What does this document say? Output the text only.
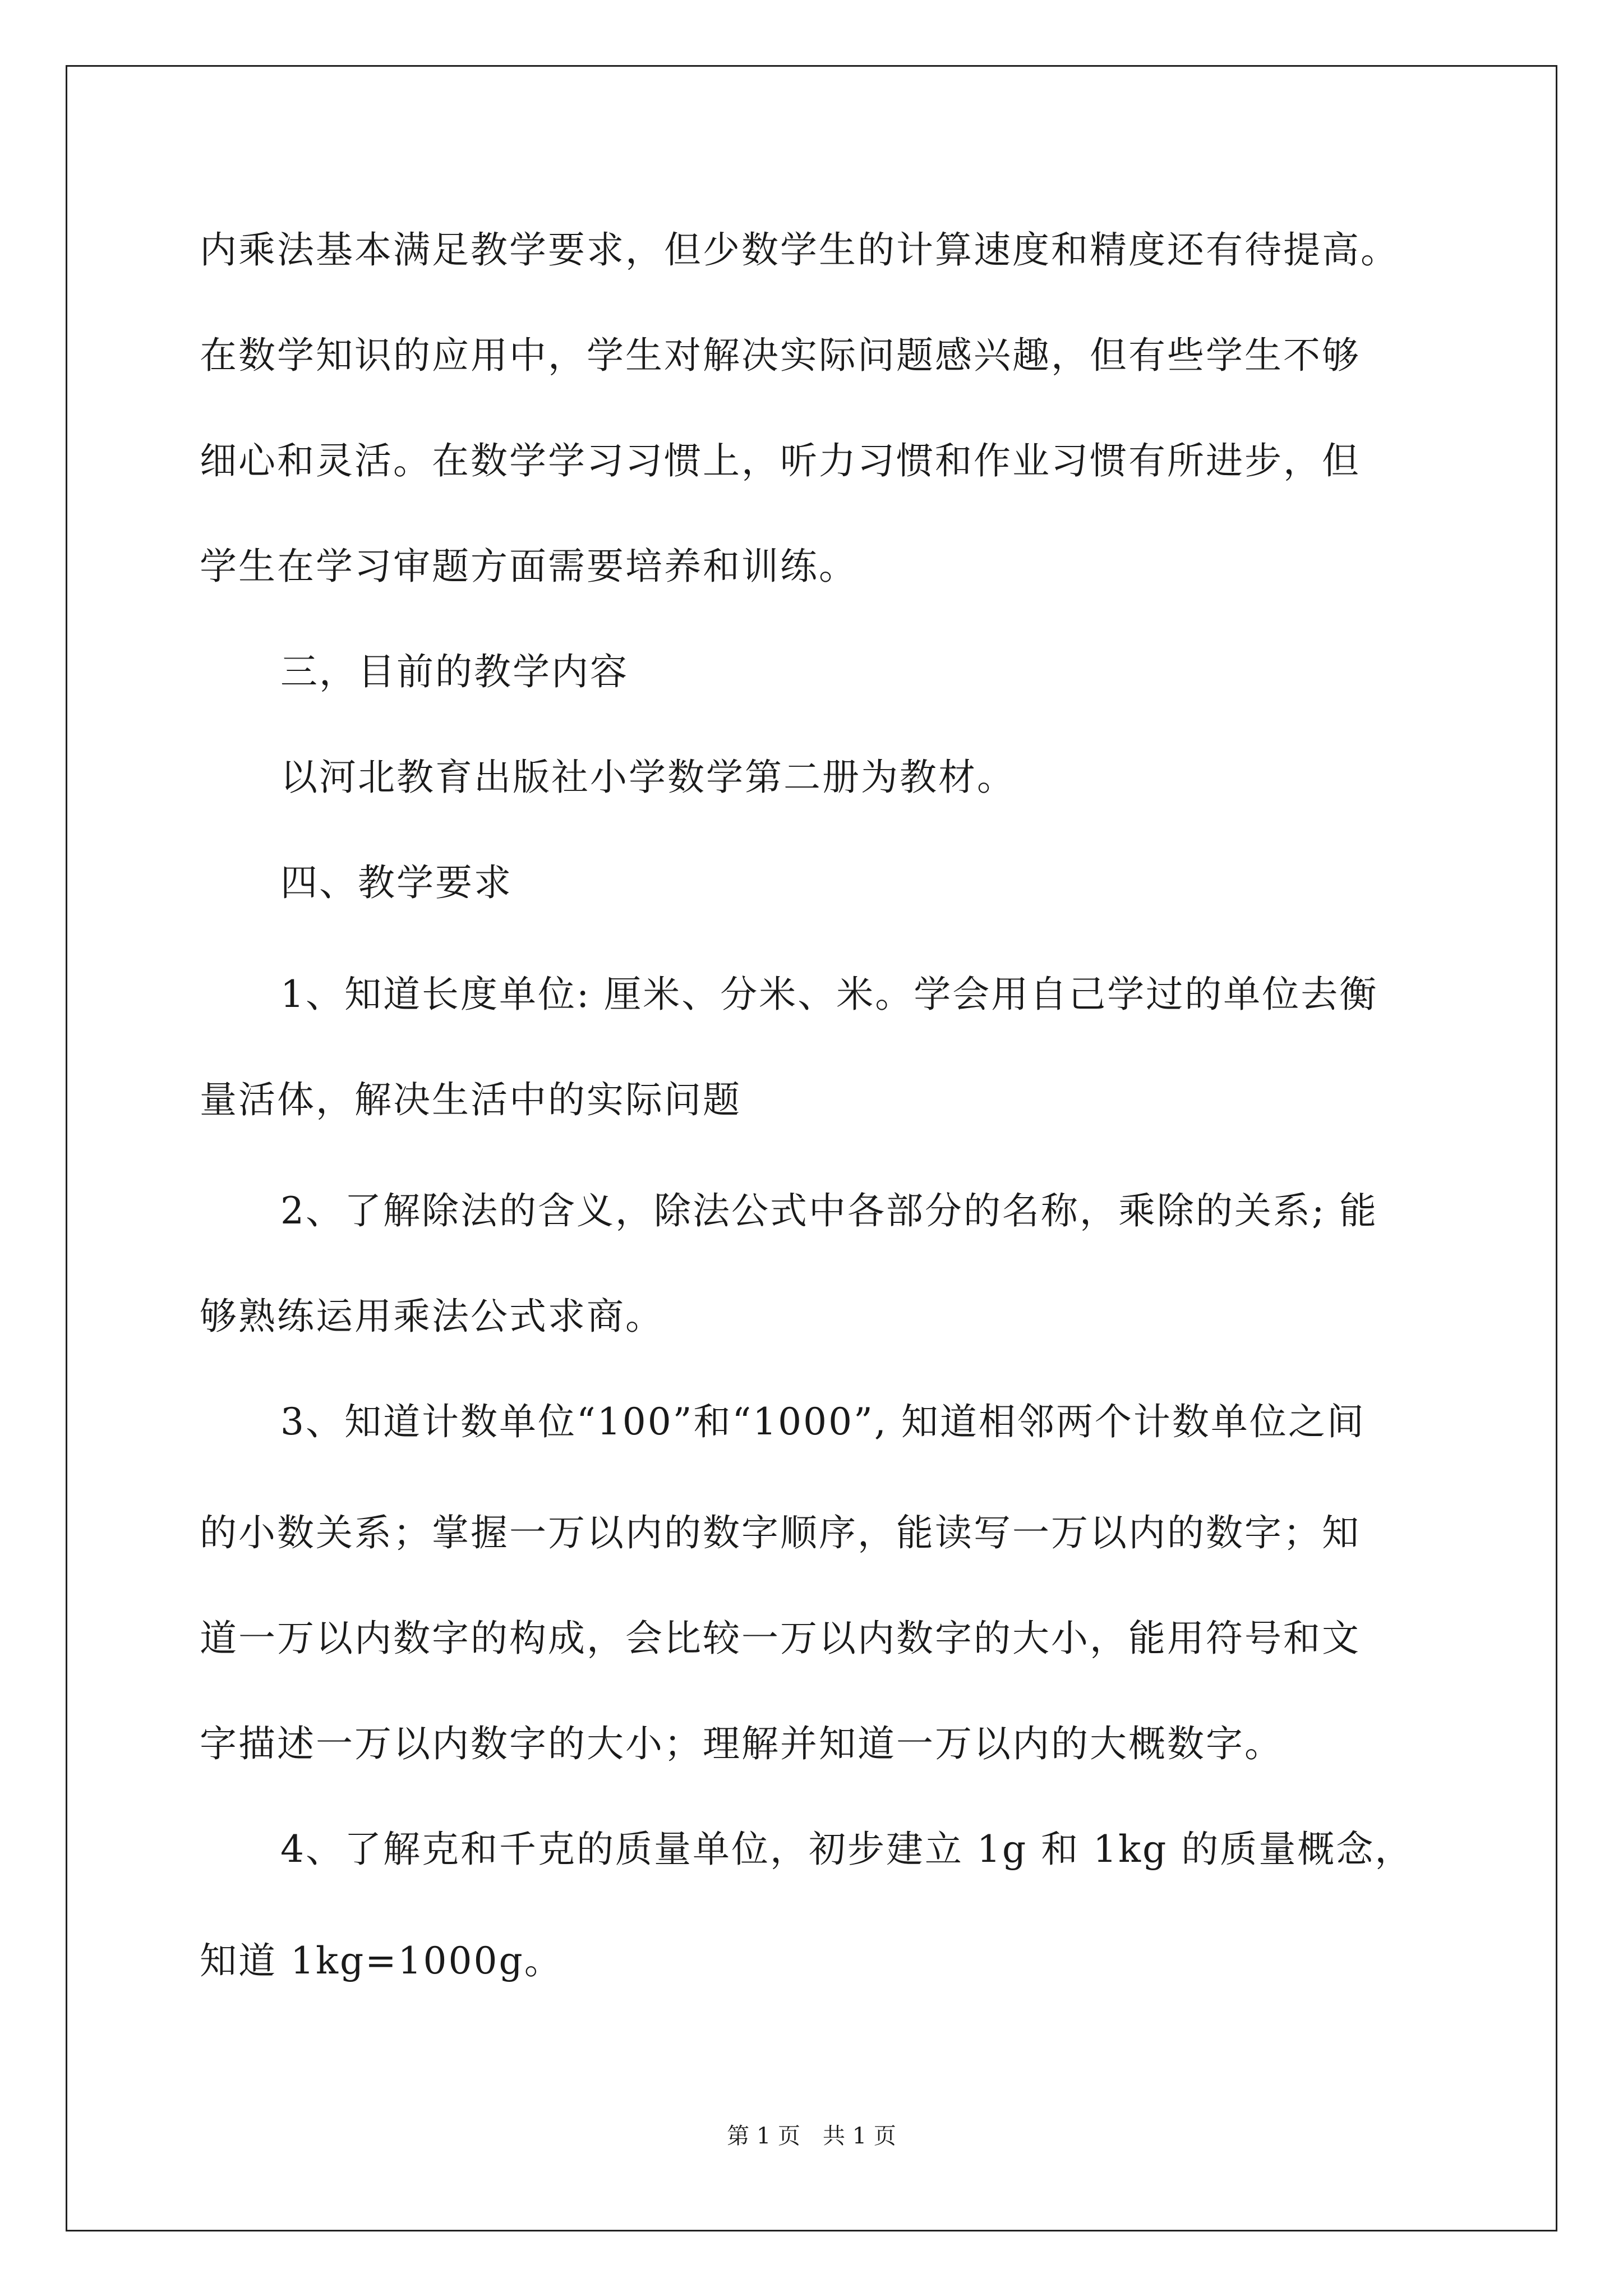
内乘法基本满足教学要求，但少数学生的计算速度和精度还有待提高。
在数学知识的应用中，学生对解决实际问题感兴趣，但有些学生不够
细心和灵活。在数学学习习惯上，听力习惯和作业习惯有所进步，但
学生在学习审题方面需要培养和训练。
三，目前的教学内容
以河北教育出版社小学数学第二册为教材。
四、教学要求
1、知道长度单位: 厘米、分米、米。学会用自己学过的单位去衡
量活体，解决生活中的实际问题
2、了解除法的含义，除法公式中各部分的名称，乘除的关系; 能
够熟练运用乘法公式求商。
3、知道计数单位“100”和“1000”, 知道相邻两个计数单位之间
的小数关系；掌握一万以内的数字顺序，能读写一万以内的数字；知
道一万以内数字的构成，会比较一万以内数字的大小，能用符号和文
字描述一万以内数字的大小；理解并知道一万以内的大概数字。
4、了解克和千克的质量单位，初步建立 1g 和 1kg 的质量概念，
知道 1kg=1000g。
第 1 页　共 1 页
